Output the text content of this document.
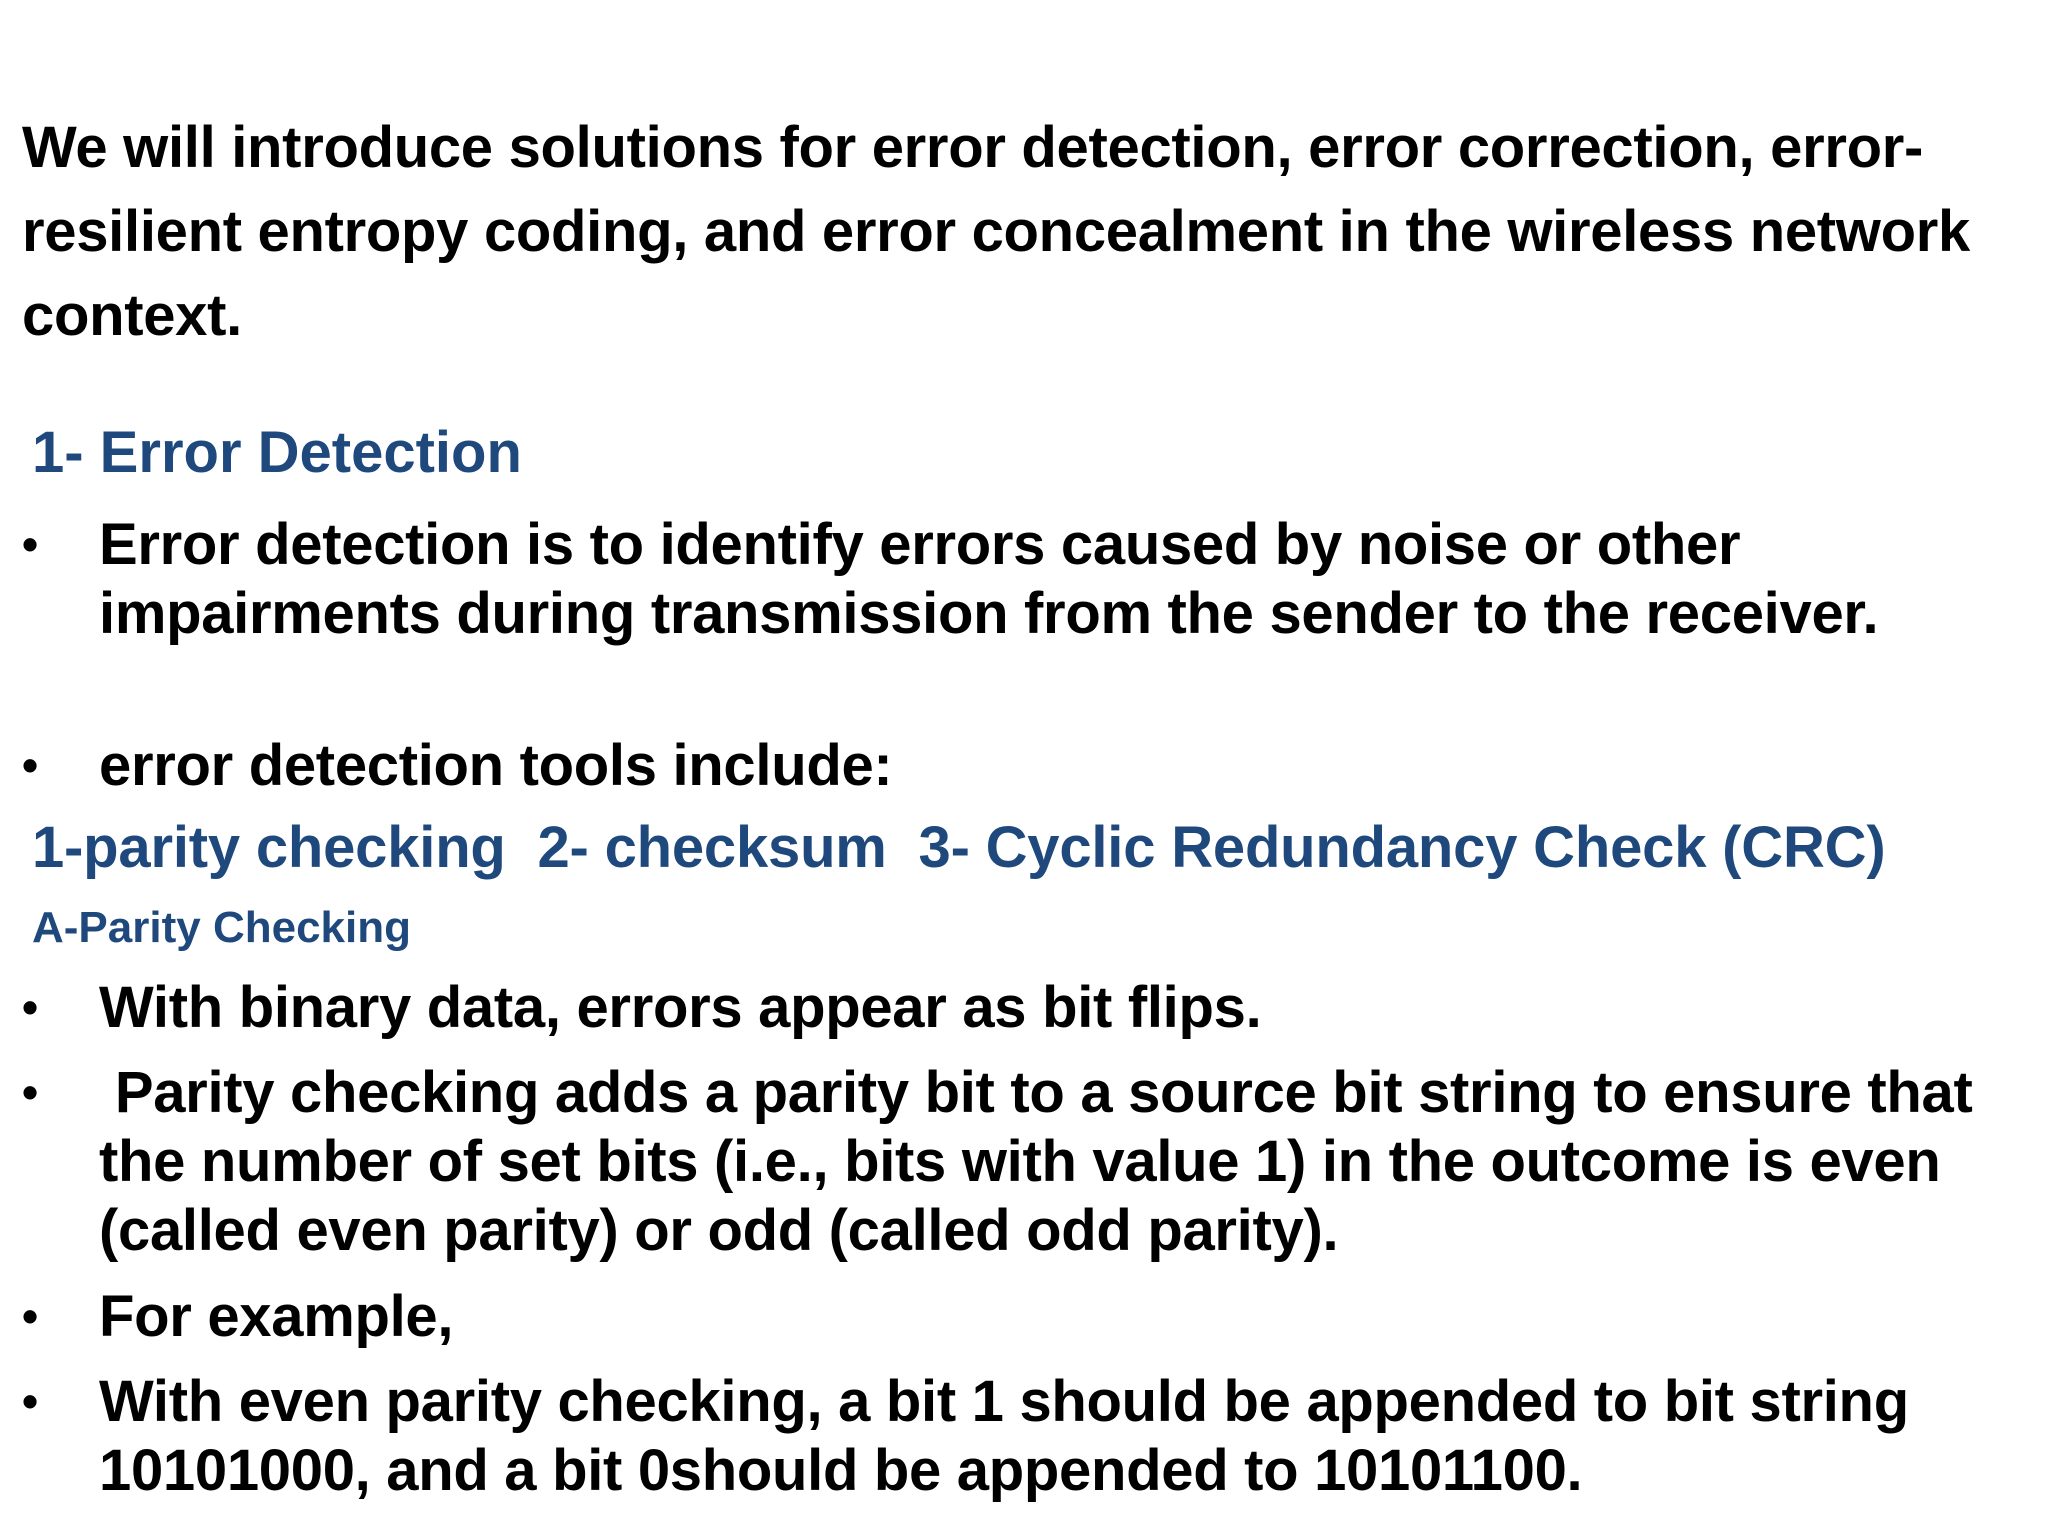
We will introduce solutions for error detection, error correction, error-resilient entropy coding, and error concealment in the wireless network context.

1- Error Detection
• Error detection is to identify errors caused by noise or other impairments during transmission from the sender to the receiver.
• error detection tools include:

1-parity checking  2- checksum  3- Cyclic Redundancy Check (CRC)

A-Parity Checking
• With binary data, errors appear as bit flips.
• Parity checking adds a parity bit to a source bit string to ensure that the number of set bits (i.e., bits with value 1) in the outcome is even (called even parity) or odd (called odd parity).
• For example,
• With even parity checking, a bit 1 should be appended to bit string 10101000, and a bit 0should be appended to 10101100.
